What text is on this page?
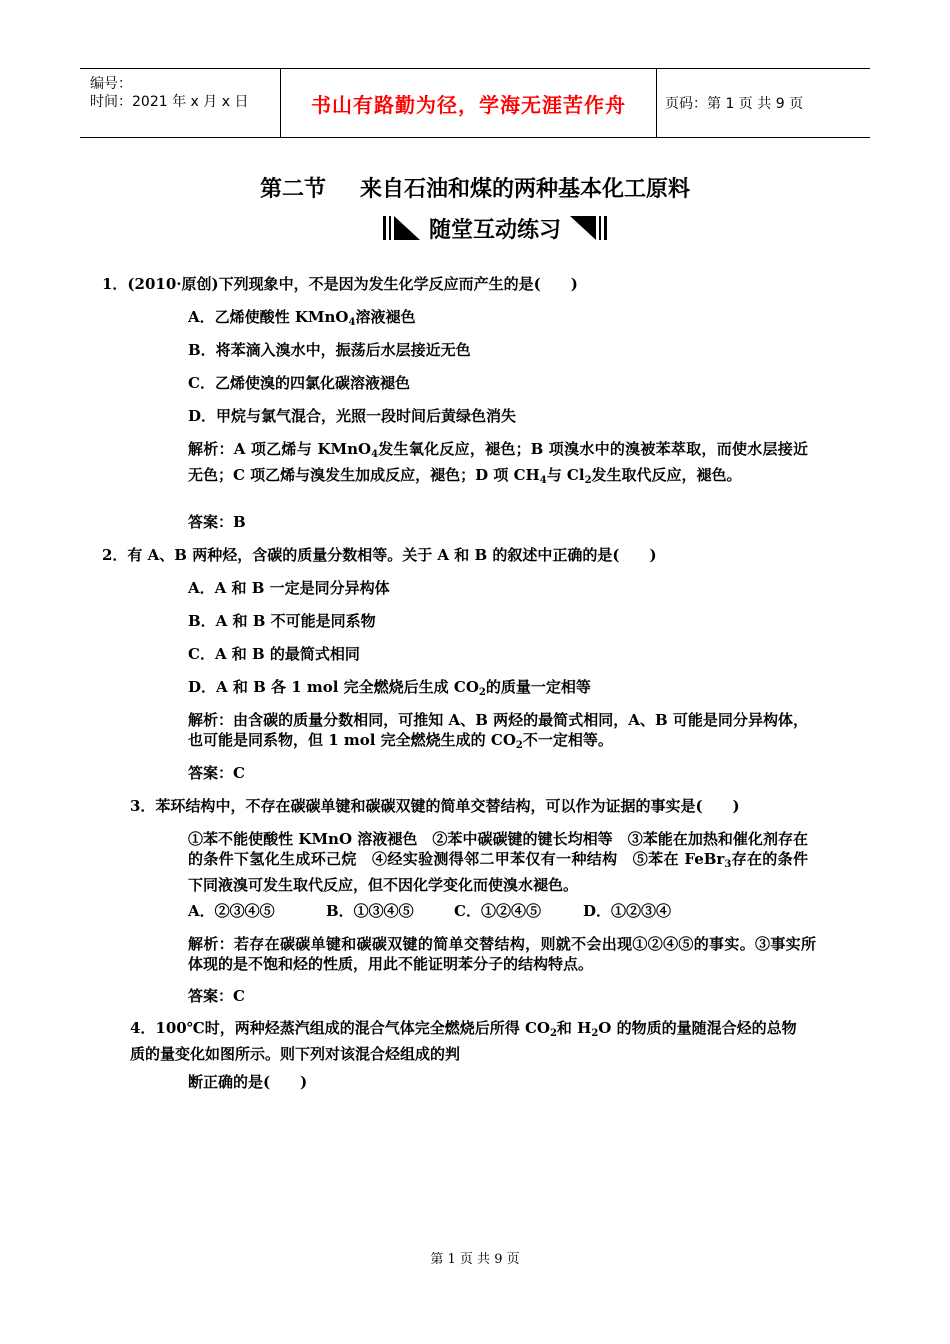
编号：
时间：2021 年 x 月 x 日	书山有路勤为径，学海无涯苦作舟	页码：第 1 页 共 9 页
第二节 来自石油和煤的两种基本化工原料
随堂互动练习
1．(2010·原创)下列现象中，不是因为发生化学反应而产生的是(　　)
A．乙烯使酸性 KMnO$_4$溶液褪色
B．将苯滴入溴水中，振荡后水层接近无色
C．乙烯使溴的四氯化碳溶液褪色
D．甲烷与氯气混合，光照一段时间后黄绿色消失
解析：A 项乙烯与 KMnO$_4$发生氧化反应，褪色；B 项溴水中的溴被苯萃取，而使水层接近无色；C 项乙烯与溴发生加成反应，褪色；D 项 $CH_4$与 $Cl_2$发生取代反应，褪色。
答案：B
2．有 A、B 两种烃，含碳的质量分数相等。关于 A 和 B 的叙述中正确的是(　　)
A．A 和 B 一定是同分异构体
B．A 和 B 不可能是同系物
C．A 和 B 的最简式相同
D．A 和 B 各 1 mol 完全燃烧后生成 $CO_2$的质量一定相等
解析：由含碳的质量分数相同，可推知 A、B 两烃的最简式相同，A、B 可能是同分异构体，也可能是同系物，但 1 mol 完全燃烧生成的 $CO_2$不一定相等。
答案：C
3．苯环结构中，不存在碳碳单键和碳碳双键的简单交替结构，可以作为证据的事实是(　　)
①苯不能使酸性 KMnO 溶液褪色　②苯中碳碳键的键长均相等　③苯能在加热和催化剂存在的条件下氢化生成环己烷　④经实验测得邻二甲苯仅有一种结构　⑤苯在 FeBr$_3$存在的条件下同液溴可发生取代反应，但不因化学变化而使溴水褪色。
A．②③④⑤	B．①③④⑤	C．①②④⑤	D．①②③④
解析：若存在碳碳单键和碳碳双键的简单交替结构，则就不会出现①②④⑤的事实。③事实所体现的是不饱和烃的性质，用此不能证明苯分子的结构特点。
答案：C
4．100℃时，两种烃蒸汽组成的混合气体完全燃烧后所得 $CO_2$和 $H_2O$ 的物质的量随混合烃的总物质的量变化如图所示。则下列对该混合烃组成的判
断正确的是(　　)
第 1 页 共 9 页
